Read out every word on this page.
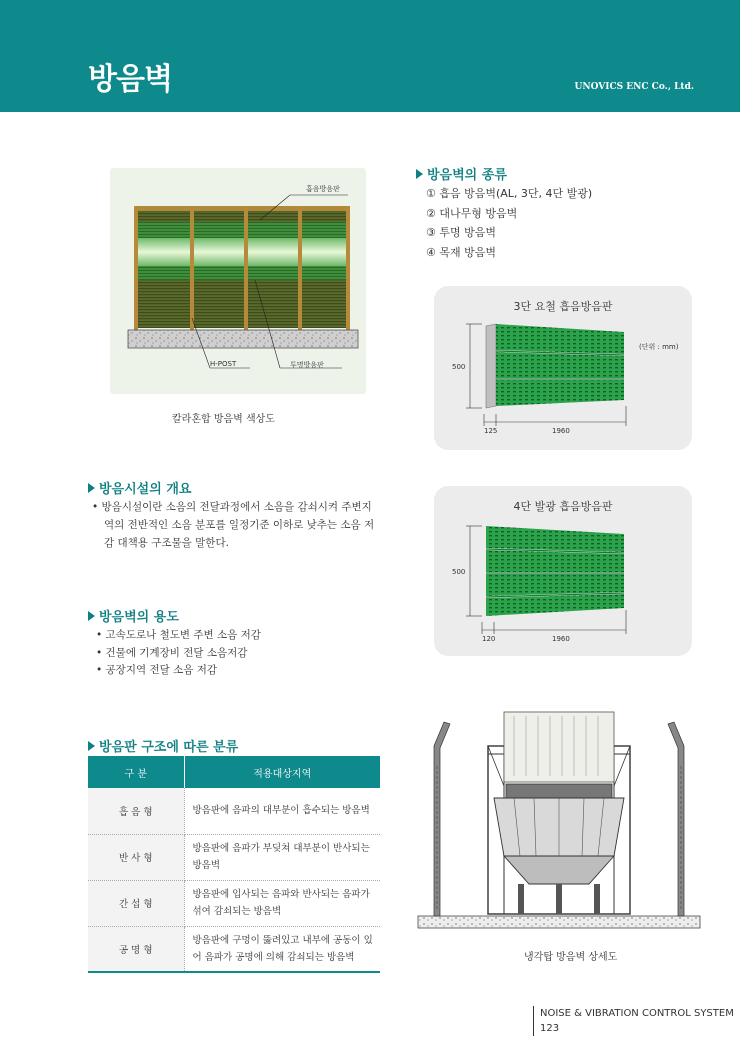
방음벽	UNOVICS ENC Co., Ltd.
흡음방음판
H-POST	투명방음판
칼라혼합 방음벽 색상도
방음벽의 종류
① 흡음 방음벽(AL, 3단, 4단 발광)
② 대나무형 방음벽
③ 투명 방음벽
④ 목재 방음벽
3단 요철 흡음방음판
(단위 : mm)
500
125	1960
4단 발광 흡음방음판
500
120	1960
방음시설의 개요
• 방음시설이란 소음의 전달과정에서 소음을 감쇠시켜 주변지
역의 전반적인 소음 분포를 일정기준 이하로 낮추는 소음 저
감 대책용 구조물을 말한다.
방음벽의 용도
• 고속도로나 철도변 주변 소음 저감
• 건물에 기계장비 전달 소음저감
• 공장지역 전달 소음 저감
방음판 구조에 따른 분류
구 분	적용대상지역
흡 음 형	방음판에 음파의 대부분이 흡수되는 방음벽

반 사 형	방음판에 음파가 부딪쳐 대부분이 반사되는
방음벽

간 섭 형	방음판에 입사되는 음파와 반사되는 음파가
섞여 감쇠되는 방음벽

공 명 형	방음판에 구멍이 뚫려있고 내부에 공동이 있
어 음파가 공명에 의해 감쇠되는 방음벽	냉각탑 방음벽 상세도
NOISE & VIBRATION CONTROL SYSTEM
123
